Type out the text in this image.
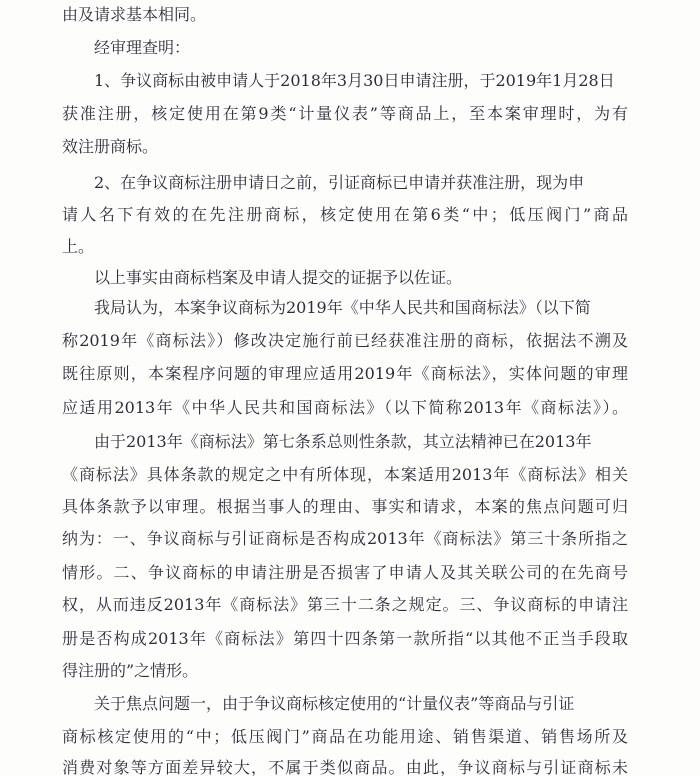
由及请求基本相同。
经审理查明：
1、争议商标由被申请人于2018年3月30日申请注册，于2019年1月28日
获准注册，核定使用在第9类“计量仪表”等商品上，至本案审理时，为有
效注册商标。
2、在争议商标注册申请日之前，引证商标已申请并获准注册，现为申
请人名下有效的在先注册商标，核定使用在第6类“中；低压阀门”商品
上。
以上事实由商标档案及申请人提交的证据予以佐证。
我局认为，本案争议商标为2019年《中华人民共和国商标法》（以下简
称2019年《商标法》）修改决定施行前已经获准注册的商标，依据法不溯及
既往原则，本案程序问题的审理应适用2019年《商标法》，实体问题的审理
应适用2013年《中华人民共和国商标法》（以下简称2013年《商标法》）。
由于2013年《商标法》第七条系总则性条款，其立法精神已在2013年
《商标法》具体条款的规定之中有所体现，本案适用2013年《商标法》相关
具体条款予以审理。根据当事人的理由、事实和请求，本案的焦点问题可归
纳为：一、争议商标与引证商标是否构成2013年《商标法》第三十条所指之
情形。二、争议商标的申请注册是否损害了申请人及其关联公司的在先商号
权，从而违反2013年《商标法》第三十二条之规定。三、争议商标的申请注
册是否构成2013年《商标法》第四十四条第一款所指“以其他不正当手段取
得注册的”之情形。
关于焦点问题一，由于争议商标核定使用的“计量仪表”等商品与引证
商标核定使用的“中；低压阀门”商品在功能用途、销售渠道、销售场所及
消费对象等方面差异较大，不属于类似商品。由此，争议商标与引证商标未
